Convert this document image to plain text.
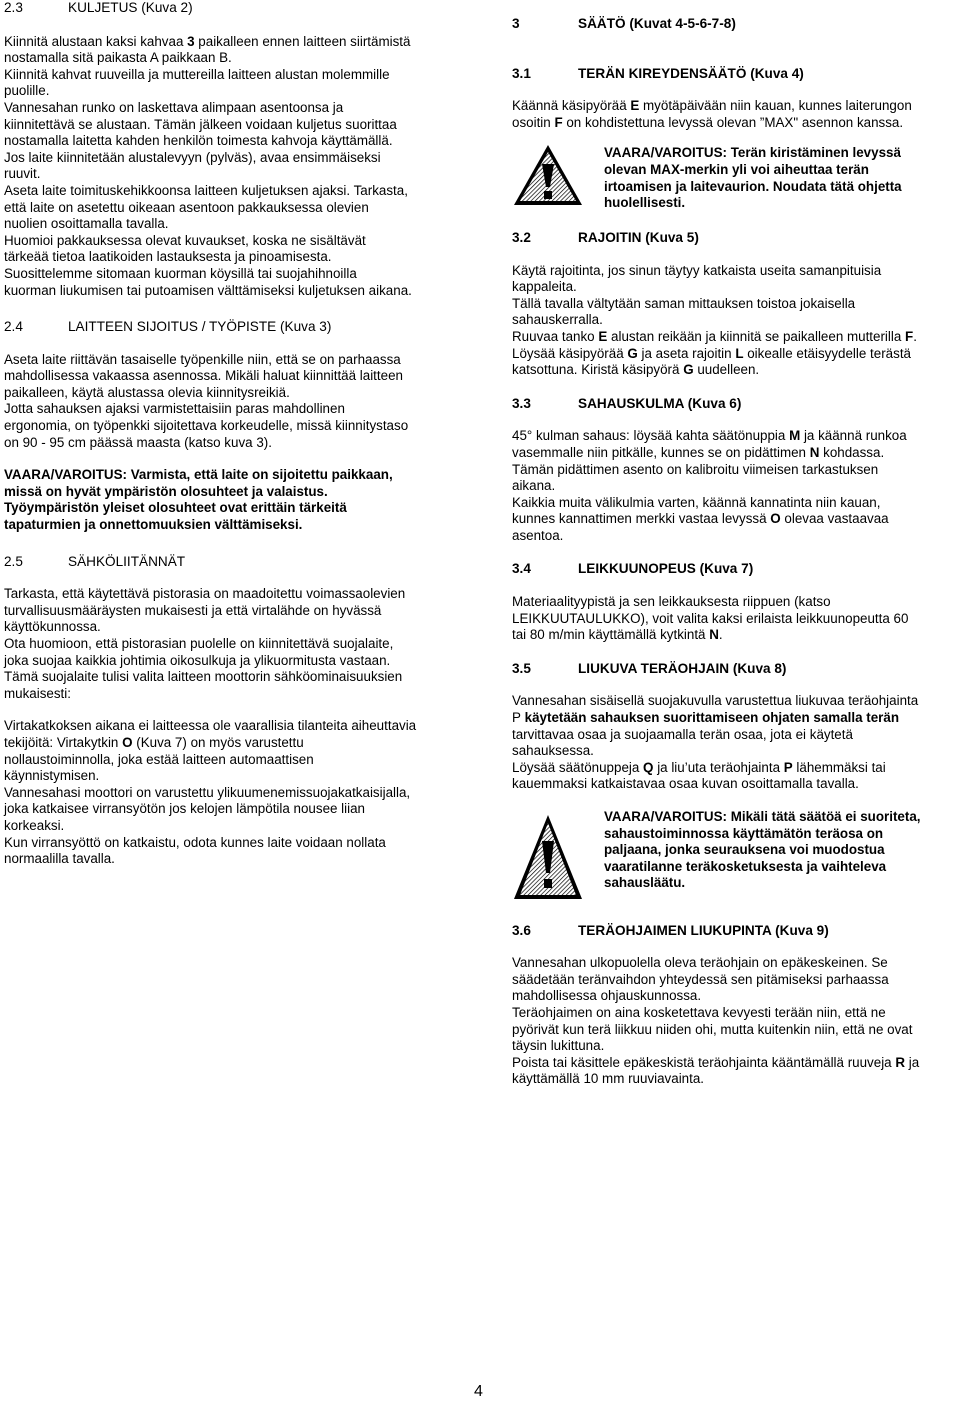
2.3	KULJETUS (Kuva 2)
Kiinnitä alustaan kaksi kahvaa 3 paikalleen ennen laitteen siirtämistä
nostamalla sitä paikasta A paikkaan B.
Kiinnitä kahvat ruuveilla ja muttereilla laitteen alustan molemmille
puolille.
Vannesahan runko on laskettava alimpaan asentoonsa ja
kiinnitettävä se alustaan. Tämän jälkeen voidaan kuljetus suorittaa
nostamalla laitetta kahden henkilön toimesta kahvoja käyttämällä.
Jos laite kiinnitetään alustalevyyn (pylväs), avaa ensimmäiseksi
ruuvit.
Aseta laite toimituskehikkoonsa laitteen kuljetuksen ajaksi. Tarkasta,
että laite on asetettu oikeaan asentoon pakkauksessa olevien
nuolien osoittamalla tavalla.
Huomioi pakkauksessa olevat kuvaukset, koska ne sisältävät
tärkeää tietoa laatikoiden lastauksesta ja pinoamisesta.
Suosittelemme sitomaan kuorman köysillä tai suojahihnoilla
kuorman liukumisen tai putoamisen välttämiseksi kuljetuksen aikana.
2.4	LAITTEEN SIJOITUS / TYÖPISTE (Kuva 3)
Aseta laite riittävän tasaiselle työpenkille niin, että se on parhaassa
mahdollisessa vakaassa asennossa. Mikäli haluat kiinnittää laitteen
paikalleen, käytä alustassa olevia kiinnitysreikiä.
Jotta sahauksen ajaksi varmistettaisiin paras mahdollinen
ergonomia, on työpenkki sijoitettava korkeudelle, missä kiinnitystaso
on 90 - 95 cm päässä maasta (katso kuva 3).
VAARA/VAROITUS: Varmista, että laite on sijoitettu paikkaan,
missä on hyvät ympäristön olosuhteet ja valaistus.
Työympäristön yleiset olosuhteet ovat erittäin tärkeitä
tapaturmien ja onnettomuuksien välttämiseksi.
2.5	SÄHKÖLIITÄNNÄT
Tarkasta, että käytettävä pistorasia on maadoitettu voimassaolevien
turvallisuusmääräysten mukaisesti ja että virtalähde on hyvässä
käyttökunnossa.
Ota huomioon, että pistorasian puolelle on kiinnitettävä suojalaite,
joka suojaa kaikkia johtimia oikosulkuja ja ylikuormitusta vastaan.
Tämä suojalaite tulisi valita laitteen moottorin sähköominaisuuksien
mukaisesti:
Virtakatkoksen aikana ei laitteessa ole vaarallisia tilanteita aiheuttavia
tekijöitä: Virtakytkin O (Kuva 7) on myös varustettu
nollaustoiminnolla, joka estää laitteen automaattisen
käynnistymisen.
Vannesahasi moottori on varustettu ylikuumenemissuojakatkaisijalla,
joka katkaisee virransyötön jos kelojen lämpötila nousee liian
korkeaksi.
Kun virransyöttö on katkaistu, odota kunnes laite voidaan nollata
normaalilla tavalla.
3	SÄÄTÖ (Kuvat 4-5-6-7-8)
3.1	TERÄN KIREYDENSÄÄTÖ (Kuva 4)
Käännä käsipyörää E myötäpäivään niin kauan, kunnes laiterungon
osoitin F on kohdistettuna levyssä olevan ”MAX" asennon kanssa.
VAARA/VAROITUS: Terän kiristäminen levyssä
olevan MAX-merkin yli voi aiheuttaa terän
irtoamisen ja laitevaurion. Noudata tätä ohjetta
huolellisesti.
3.2	RAJOITIN (Kuva 5)
Käytä rajoitinta, jos sinun täytyy katkaista useita samanpituisia
kappaleita.
Tällä tavalla vältytään saman mittauksen toistoa jokaisella
sahauskerralla.
Ruuvaa tanko E alustan reikään ja kiinnitä se paikalleen mutterilla F.
Löysää käsipyörää G ja aseta rajoitin L oikealle etäisyydelle terästä
katsottuna. Kiristä käsipyörä G uudelleen.
3.3	SAHAUSKULMA (Kuva 6)
45° kulman sahaus: löysää kahta säätönuppia M ja käännä runkoa
vasemmalle niin pitkälle, kunnes se on pidättimen N kohdassa.
Tämän pidättimen asento on kalibroitu viimeisen tarkastuksen
aikana.
Kaikkia muita välikulmia varten, käännä kannatinta niin kauan,
kunnes kannattimen merkki vastaa levyssä O olevaa vastaavaa
asentoa.
3.4	LEIKKUUNOPEUS (Kuva 7)
Materiaalityypistä ja sen leikkauksesta riippuen (katso
LEIKKUUTAULUKKO), voit valita kaksi erilaista leikkuunopeutta 60
tai 80 m/min käyttämällä kytkintä N.
3.5	LIUKUVA TERÄOHJAIN (Kuva 8)
Vannesahan sisäisellä suojakuvulla varustettua liukuvaa teräohjainta
P käytetään sahauksen suorittamiseen ohjaten samalla terän
tarvittavaa osaa ja suojaamalla terän osaa, jota ei käytetä
sahauksessa.
Löysää säätönuppeja Q ja liu’uta teräohjainta P lähemmäksi tai
kauemmaksi katkaistavaa osaa kuvan osoittamalla tavalla.
VAARA/VAROITUS: Mikäli tätä säätöä ei suoriteta,
sahaustoiminnossa käyttämätön teräosa on
paljaana, jonka seurauksena voi muodostua
vaaratilanne teräkosketuksesta ja vaihteleva
sahausläätu.
3.6	TERÄOHJAIMEN LIUKUPINTA (Kuva 9)
Vannesahan ulkopuolella oleva teräohjain on epäkeskeinen. Se
säädetään teränvaihdon yhteydessä sen pitämiseksi parhaassa
mahdollisessa ohjauskunnossa.
Teräohjaimen on aina kosketettava kevyesti terään niin, että ne
pyörivät kun terä liikkuu niiden ohi, mutta kuitenkin niin, että ne ovat
täysin lukittuna.
Poista tai käsittele epäkeskistä teräohjainta kääntämällä ruuveja R ja
käyttämällä 10 mm ruuviavainta.
4
